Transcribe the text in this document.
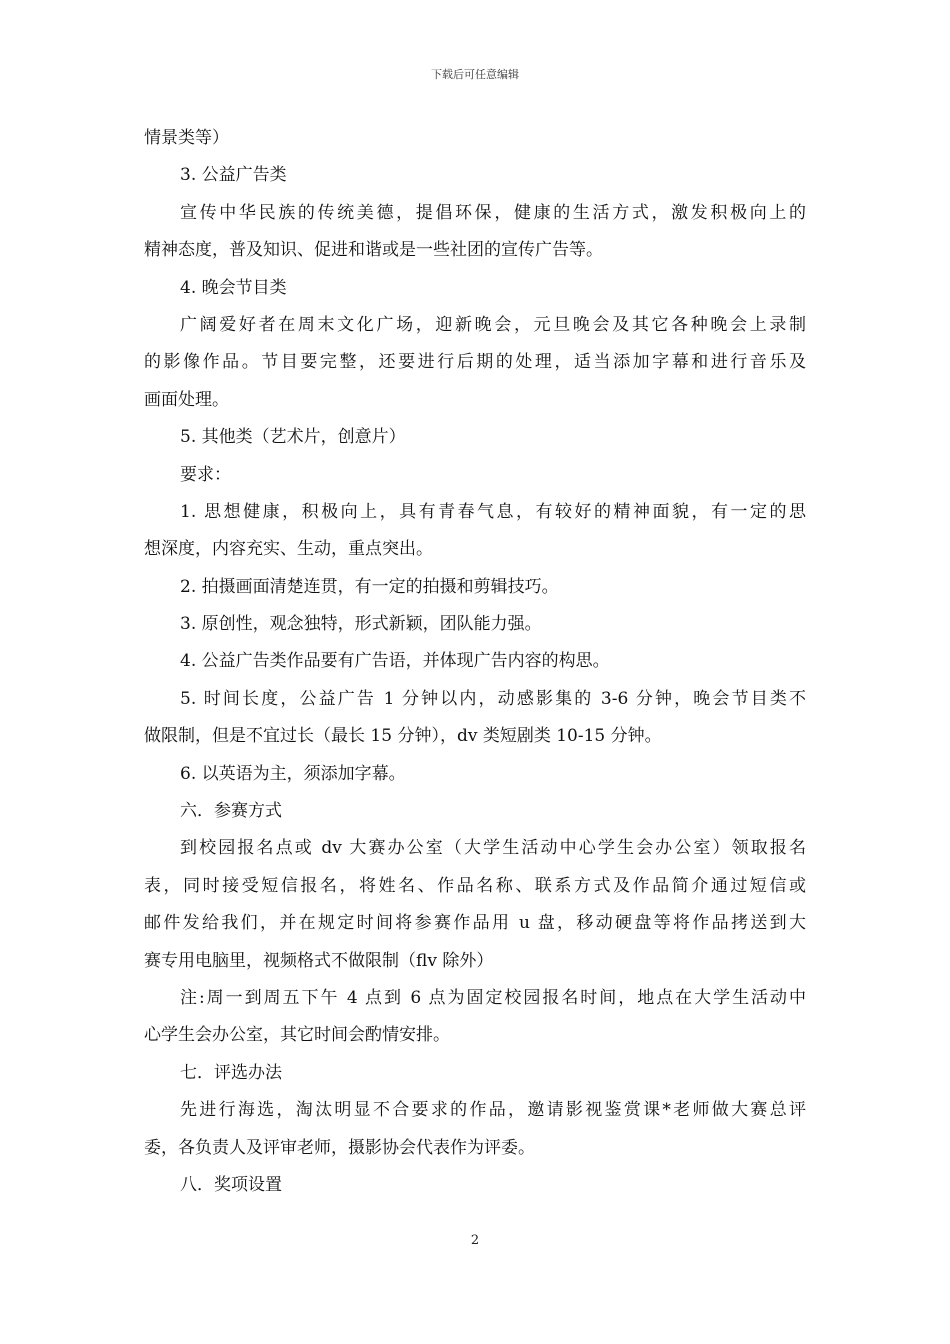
下载后可任意编辑
情景类等）
3. 公益广告类
宣传中华民族的传统美德，提倡环保，健康的生活方式，激发积极向上的
精神态度，普及知识、促进和谐或是一些社团的宣传广告等。
4. 晚会节目类
广阔爱好者在周末文化广场，迎新晚会，元旦晚会及其它各种晚会上录制
的影像作品。节目要完整，还要进行后期的处理，适当添加字幕和进行音乐及
画面处理。
5. 其他类（艺术片，创意片）
要求：
1. 思想健康，积极向上，具有青春气息，有较好的精神面貌，有一定的思
想深度，内容充实、生动，重点突出。
2. 拍摄画面清楚连贯，有一定的拍摄和剪辑技巧。
3. 原创性，观念独特，形式新颖，团队能力强。
4. 公益广告类作品要有广告语，并体现广告内容的构思。
5. 时间长度，公益广告 1 分钟以内，动感影集的 3-6 分钟，晚会节目类不
做限制，但是不宜过长（最长 15 分钟），dv 类短剧类 10-15 分钟。
6. 以英语为主，须添加字幕。
六．参赛方式
到校园报名点或 dv 大赛办公室（大学生活动中心学生会办公室）领取报名
表，同时接受短信报名，将姓名、作品名称、联系方式及作品简介通过短信或
邮件发给我们，并在规定时间将参赛作品用 u 盘，移动硬盘等将作品拷送到大
赛专用电脑里，视频格式不做限制（flv 除外）
注:周一到周五下午 4 点到 6 点为固定校园报名时间，地点在大学生活动中
心学生会办公室，其它时间会酌情安排。
七．评选办法
先进行海选，淘汰明显不合要求的作品，邀请影视鉴赏课*老师做大赛总评
委，各负责人及评审老师，摄影协会代表作为评委。
八．奖项设置
2
